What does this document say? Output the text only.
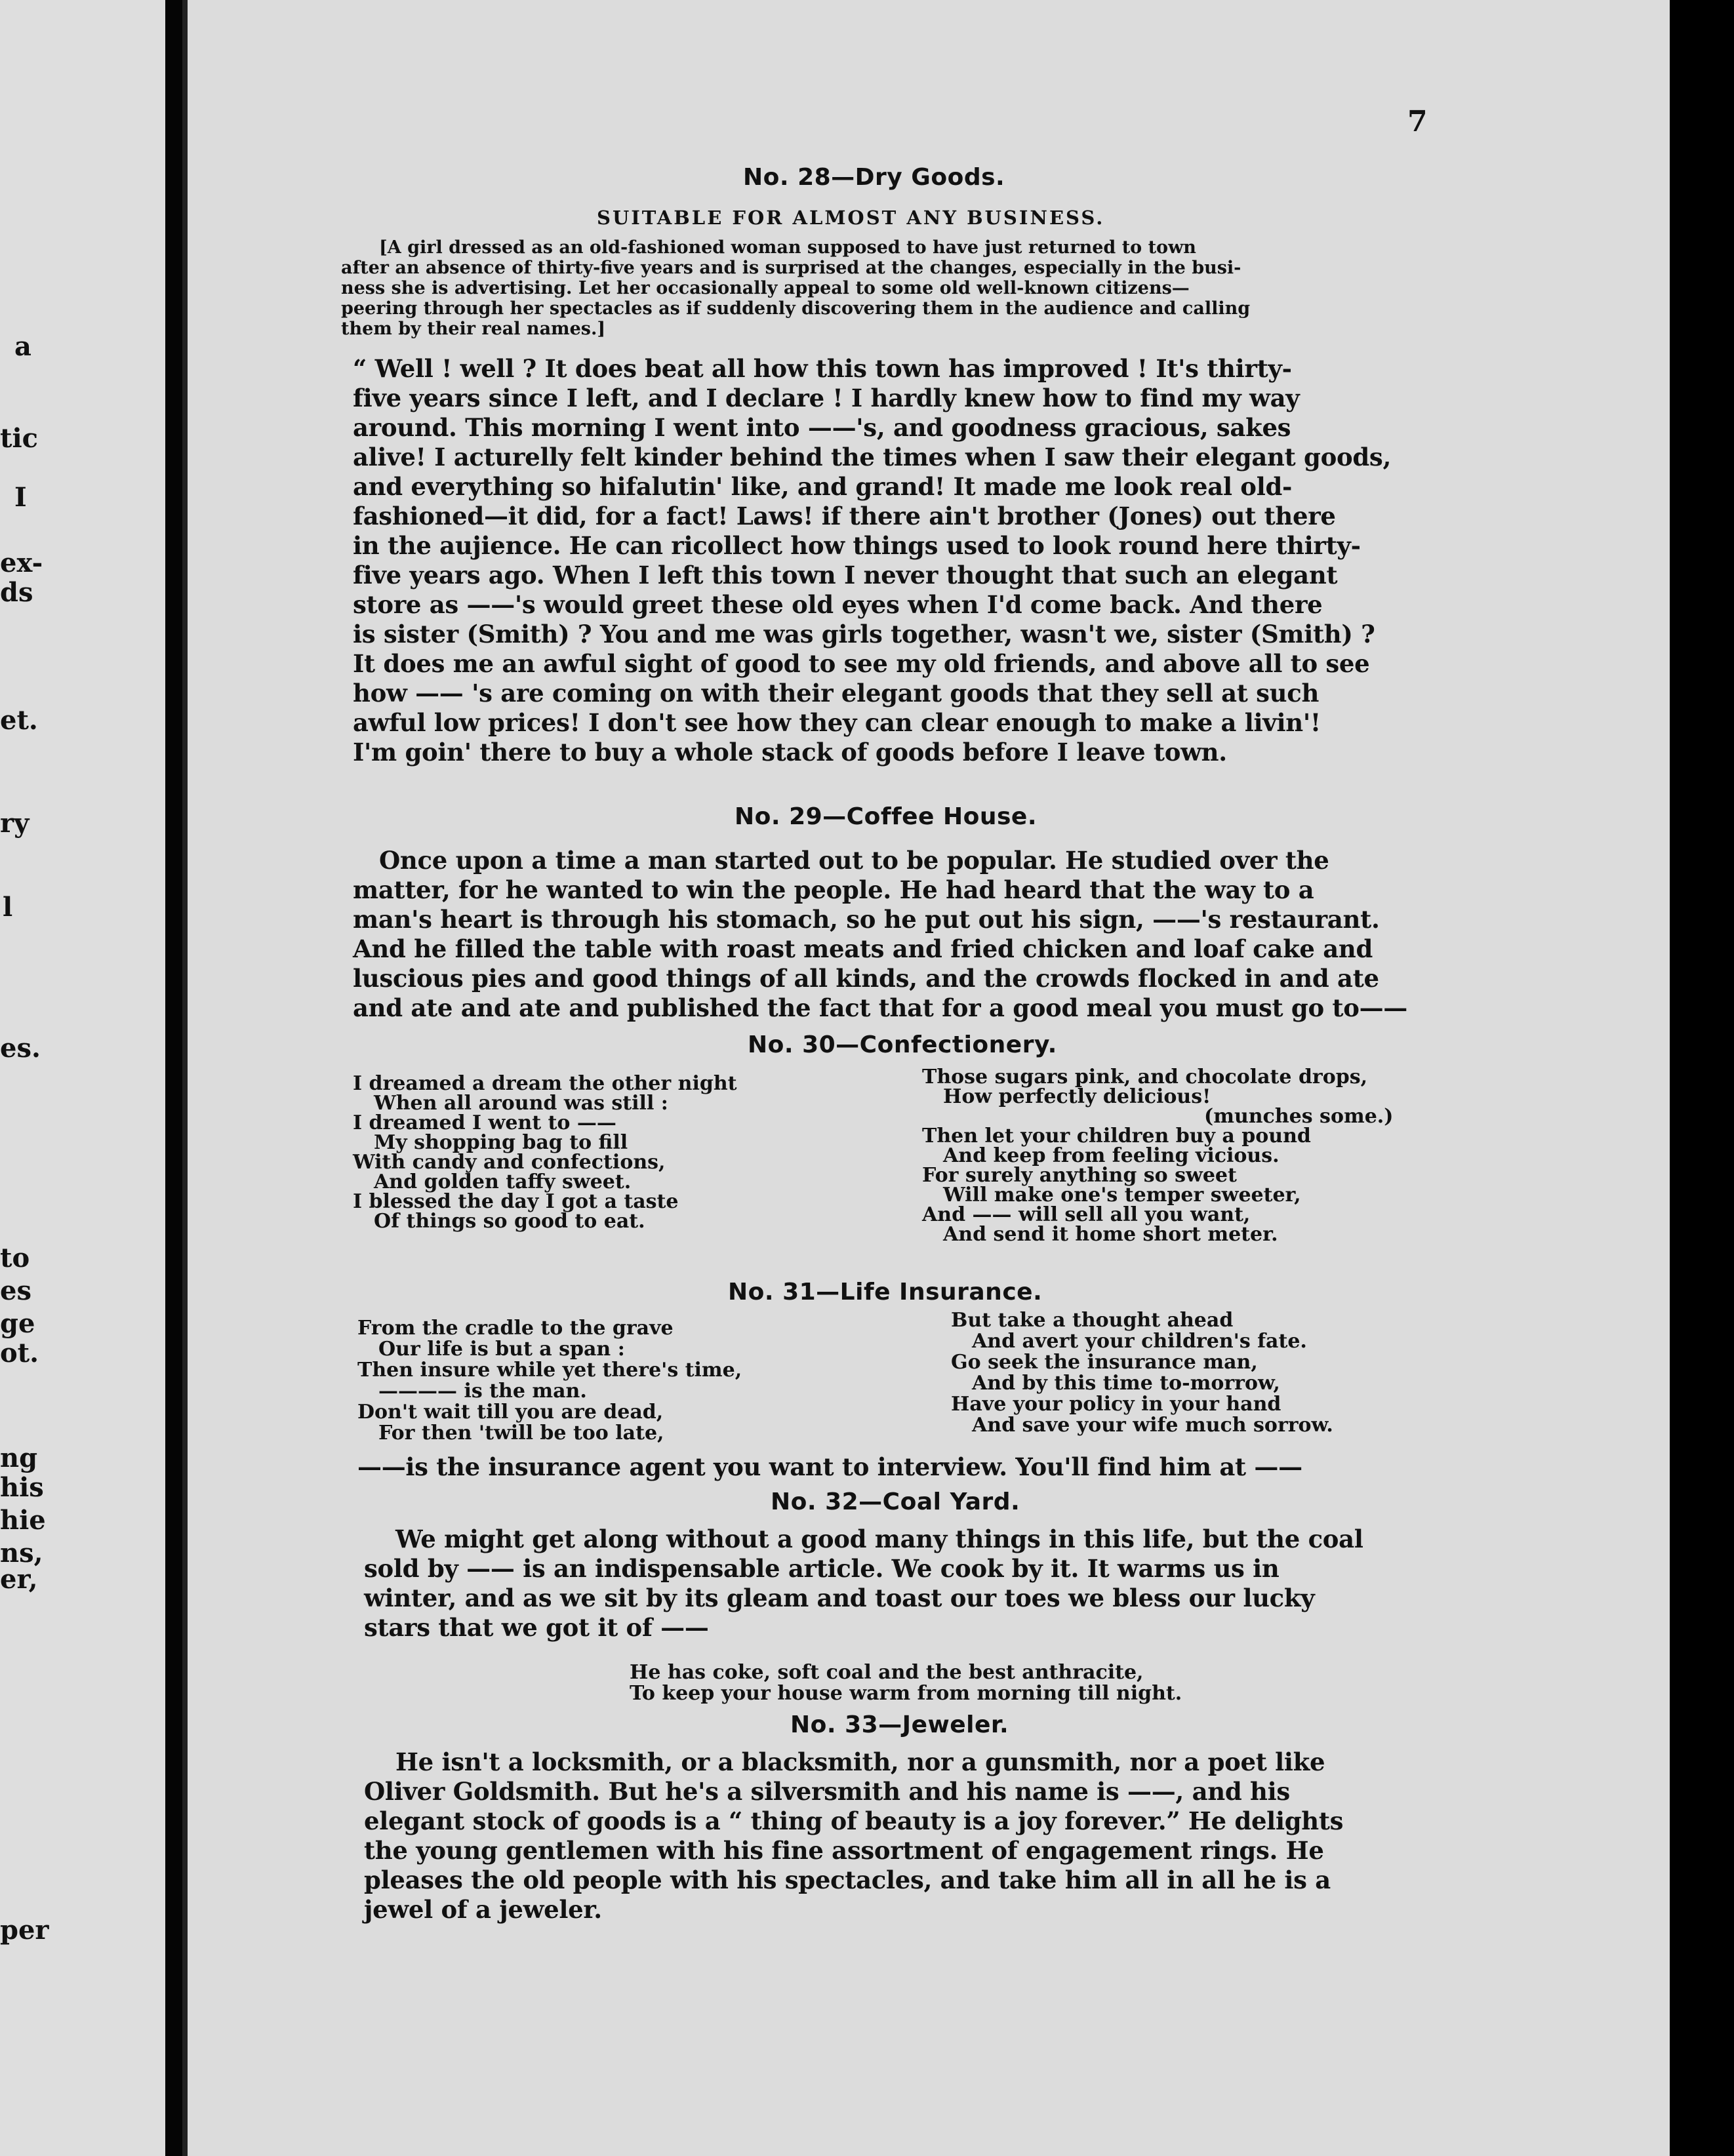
a
tic
I
ex-
ds
et.
ry
l
es.
to
es
ge
ot.
ng
his
hie
ns,
er,
per
7
No. 28—Dry Goods.
SUITABLE FOR ALMOST ANY BUSINESS.
[A girl dressed as an old-fashioned woman supposed to have just returned to town
after an absence of thirty-five years and is surprised at the changes, especially in the busi-
ness she is advertising. Let her occasionally appeal to some old well-known citizens—
peering through her spectacles as if suddenly discovering them in the audience and calling
them by their real names.]
“ Well ! well ? It does beat all how this town has improved ! It's thirty-
five years since I left, and I declare ! I hardly knew how to find my way
around. This morning I went into ——'s, and goodness gracious, sakes
alive! I acturelly felt kinder behind the times when I saw their elegant goods,
and everything so hifalutin' like, and grand! It made me look real old-
fashioned—it did, for a fact! Laws! if there ain't brother (Jones) out there
in the aujience. He can ricollect how things used to look round here thirty-
five years ago. When I left this town I never thought that such an elegant
store as ——'s would greet these old eyes when I'd come back. And there
is sister (Smith) ? You and me was girls together, wasn't we, sister (Smith) ?
It does me an awful sight of good to see my old friends, and above all to see
how —— 's are coming on with their elegant goods that they sell at such
awful low prices! I don't see how they can clear enough to make a livin'!
I'm goin' there to buy a whole stack of goods before I leave town.
No. 29—Coffee House.
Once upon a time a man started out to be popular. He studied over the
matter, for he wanted to win the people. He had heard that the way to a
man's heart is through his stomach, so he put out his sign, ——'s restaurant.
And he filled the table with roast meats and fried chicken and loaf cake and
luscious pies and good things of all kinds, and the crowds flocked in and ate
and ate and ate and published the fact that for a good meal you must go to——
No. 30—Confectionery.
I dreamed a dream the other night
When all around was still :
I dreamed I went to ——
My shopping bag to fill
With candy and confections,
And golden taffy sweet.
I blessed the day I got a taste
Of things so good to eat.
Those sugars pink, and chocolate drops,
How perfectly delicious!
(munches some.)
Then let your children buy a pound
And keep from feeling vicious.
For surely anything so sweet
Will make one's temper sweeter,
And —— will sell all you want,
And send it home short meter.
No. 31—Life Insurance.
From the cradle to the grave
Our life is but a span :
Then insure while yet there's time,
———— is the man.
Don't wait till you are dead,
For then 'twill be too late,
But take a thought ahead
And avert your children's fate.
Go seek the insurance man,
And by this time to-morrow,
Have your policy in your hand
And save your wife much sorrow.
——is the insurance agent you want to interview. You'll find him at ——
No. 32—Coal Yard.
We might get along without a good many things in this life, but the coal
sold by —— is an indispensable article. We cook by it. It warms us in
winter, and as we sit by its gleam and toast our toes we bless our lucky
stars that we got it of ——
He has coke, soft coal and the best anthracite,
To keep your house warm from morning till night.
No. 33—Jeweler.
He isn't a locksmith, or a blacksmith, nor a gunsmith, nor a poet like
Oliver Goldsmith. But he's a silversmith and his name is ——, and his
elegant stock of goods is a “ thing of beauty is a joy forever.” He delights
the young gentlemen with his fine assortment of engagement rings. He
pleases the old people with his spectacles, and take him all in all he is a
jewel of a jeweler.
